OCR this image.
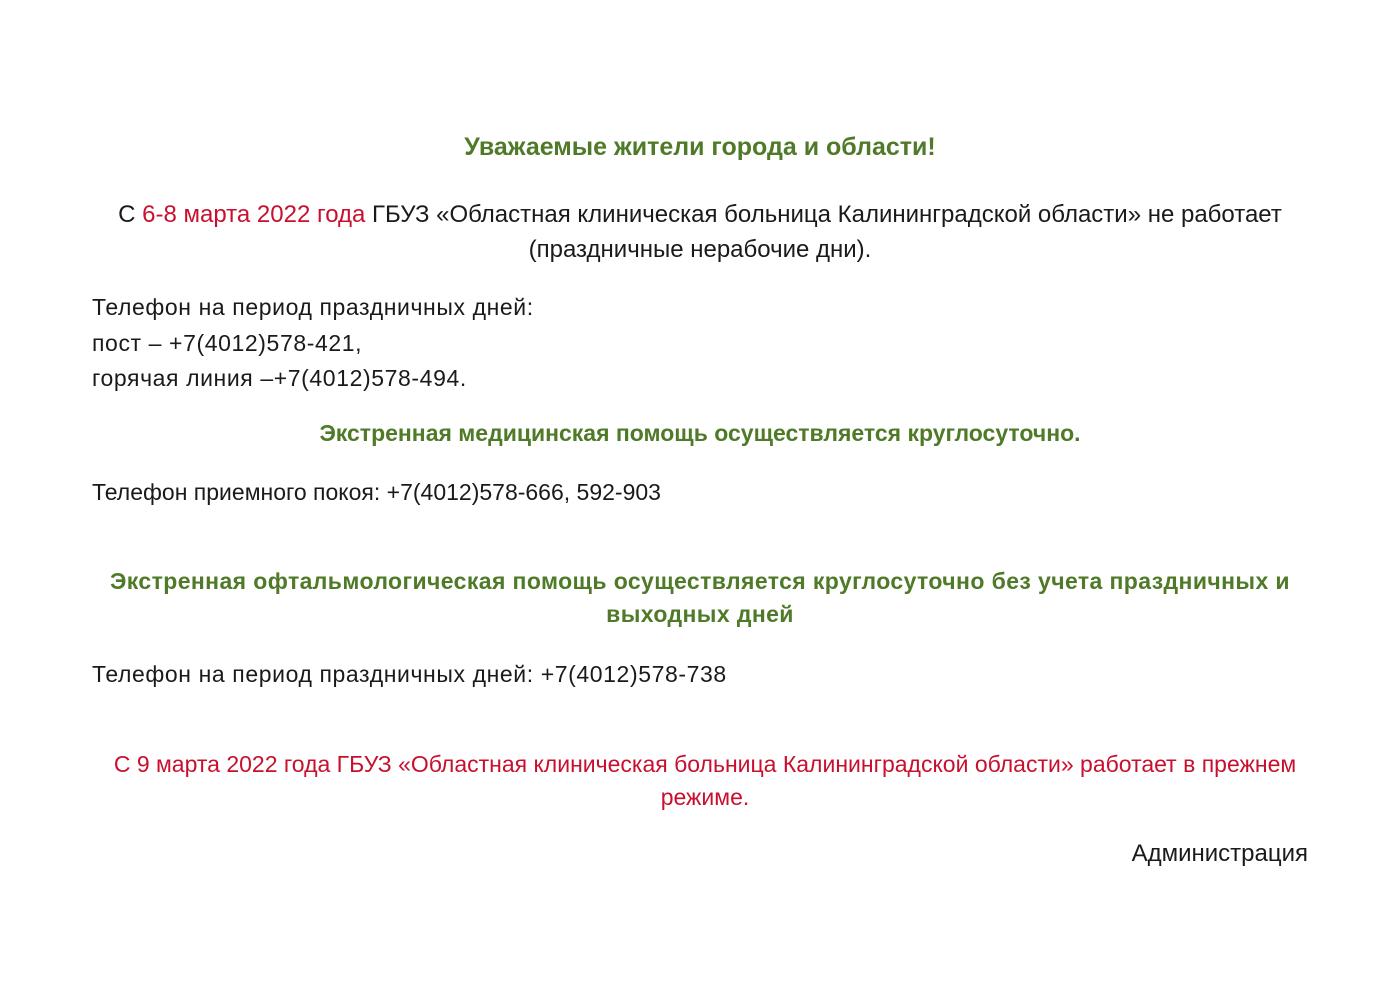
Уважаемые жители города и области!
С 6-8 марта 2022 года ГБУЗ «Областная клиническая больница Калининградской области» не работает (праздничные нерабочие дни).
Телефон на период праздничных дней:
пост – +7(4012)578-421,
горячая линия –+7(4012)578-494.
Экстренная медицинская помощь осуществляется круглосуточно.
Телефон приемного покоя: +7(4012)578-666, 592-903
Экстренная офтальмологическая помощь осуществляется круглосуточно без учета праздничных и выходных дней
Телефон на период праздничных дней: +7(4012)578-738
С 9 марта 2022 года ГБУЗ «Областная клиническая больница Калининградской области» работает в прежнем режиме.
Администрация
